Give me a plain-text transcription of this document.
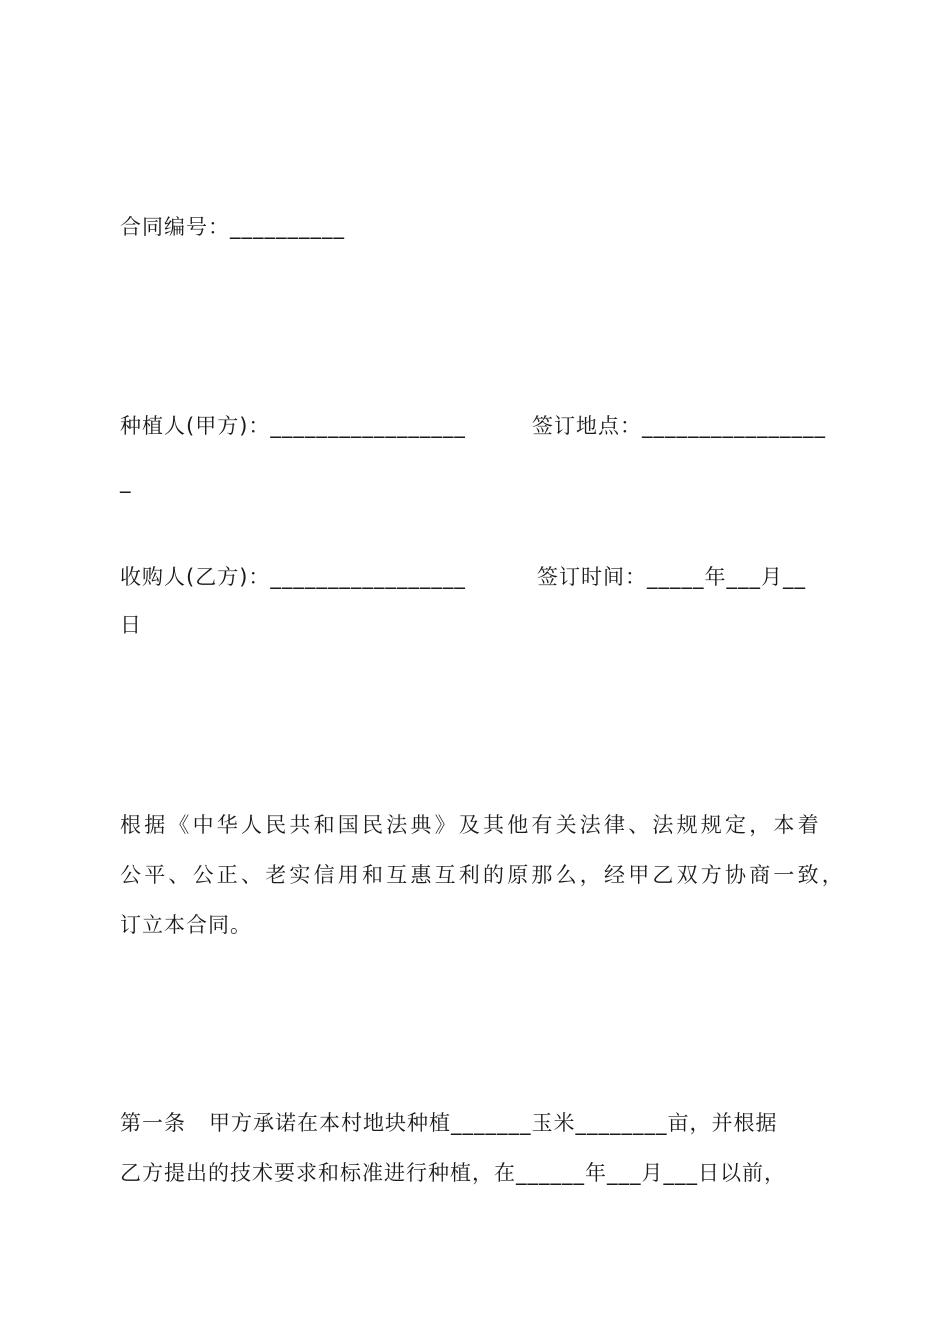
合同编号：__________
种植人(甲方)：_________________	签订地点：________________
_
收购人(乙方)：_________________	签订时间：_____年___月__
日
根据《中华人民共和国民法典》及其他有关法律、法规规定，本着
公平、公正、老实信用和互惠互利的原那么，经甲乙双方协商一致，
订立本合同。
第一条   甲方承诺在本村地块种植_______玉米________亩，并根据
乙方提出的技术要求和标准进行种植，在______年___月___日以前，
